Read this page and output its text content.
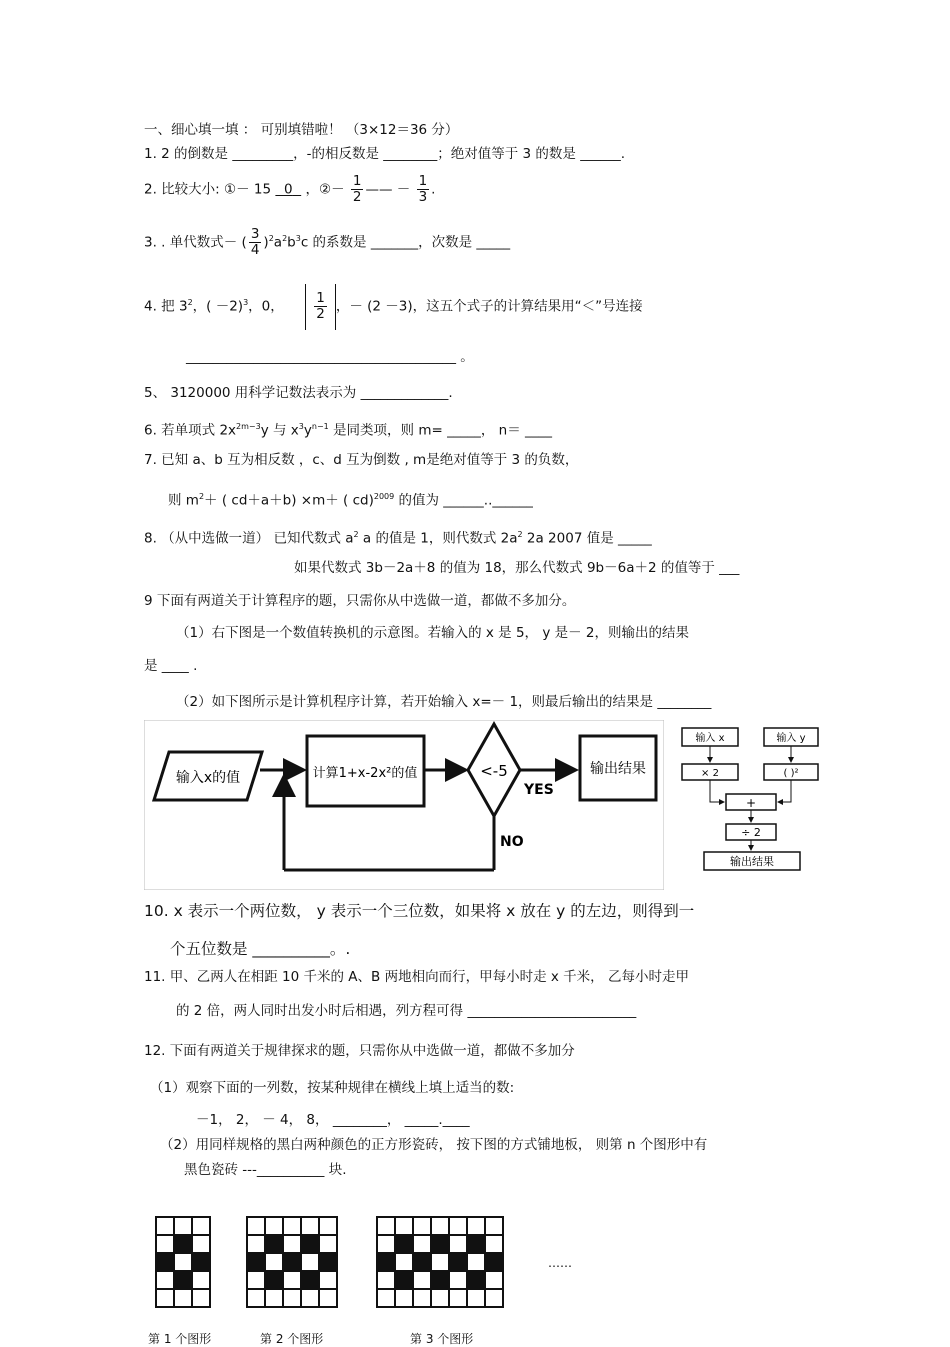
一、细心填一填 ： 可别填错啦！ （3×12＝36 分）
1. 2 的倒数是 _________，-的相反数是 ________；绝对值等于 3 的数是 ______.
2. 比较大小: ①－ 15 0 ，②－ $\frac{1}{2}$ —— － $\frac{1}{3}$ .
3. . 单代数式－ ( $\frac{3}{4} )^2a^2b^3c$ 的系数是 _______，次数是 _____
4. 把 $3^2$，( －2)$^3$，0， $\frac{1}{2}$ ，－ (2 －3)，这五个式子的计算结果用“＜”号连接
________________________________________ 。
5、 3120000 用科学记数法表示为 _____________.
6. 若单项式 $2x^{2m-3}y$ 与 $x^3y^{n-1}$ 是同类项，则 m= _____， n＝ ____
7. 已知 a、b 互为相反数 ，c、d 互为倒数 , m是绝对值等于 3 的负数，
则 $m^2+$ ( cd＋a＋b) ×m＋ ( cd)$^{2009}$ 的值为 ______..______
8. （从中选做一道） 已知代数式 $a^2$ a 的值是 1，则代数式 $2a^2$ 2a 2007 值是 _____
如果代数式 3b－2a＋8 的值为 18，那么代数式 9b－6a＋2 的值等于 ___
9 下面有两道关于计算程序的题，只需你从中选做一道，都做不多加分。
（1）右下图是一个数值转换机的示意图。若输入的 x 是 5， y 是－ 2，则输出的结果
是 ____ .
（2）如下图所示是计算机程序计算，若开始输入 x=－ 1，则最后输出的结果是 ________
输入x的值	计算1+x-2x²的值	<-5
YES
输出结果
NO
输入 x	输入 y
× 2	( )²
+
÷ 2
输出结果
10. x 表示一个两位数， y 表示一个三位数，如果将 x 放在 y 的左边，则得到一
个五位数是 __________。.
11. 甲、乙两人在相距 10 千米的 A、B 两地相向而行，甲每小时走 x 千米， 乙每小时走甲
的 2 倍，两人同时出发小时后相遇，列方程可得 _________________________
12. 下面有两道关于规律探求的题，只需你从中选做一道，都做不多加分
（1）观察下面的一列数，按某种规律在横线上填上适当的数:
－1， 2， － 4， 8， ________， _____.____
（2）用同样规格的黑白两种颜色的正方形瓷砖， 按下图的方式铺地板， 则第 n 个图形中有
黑色瓷砖 ---__________ 块.

……
第 1 个图形	第 2 个图形	第 3 个图形
